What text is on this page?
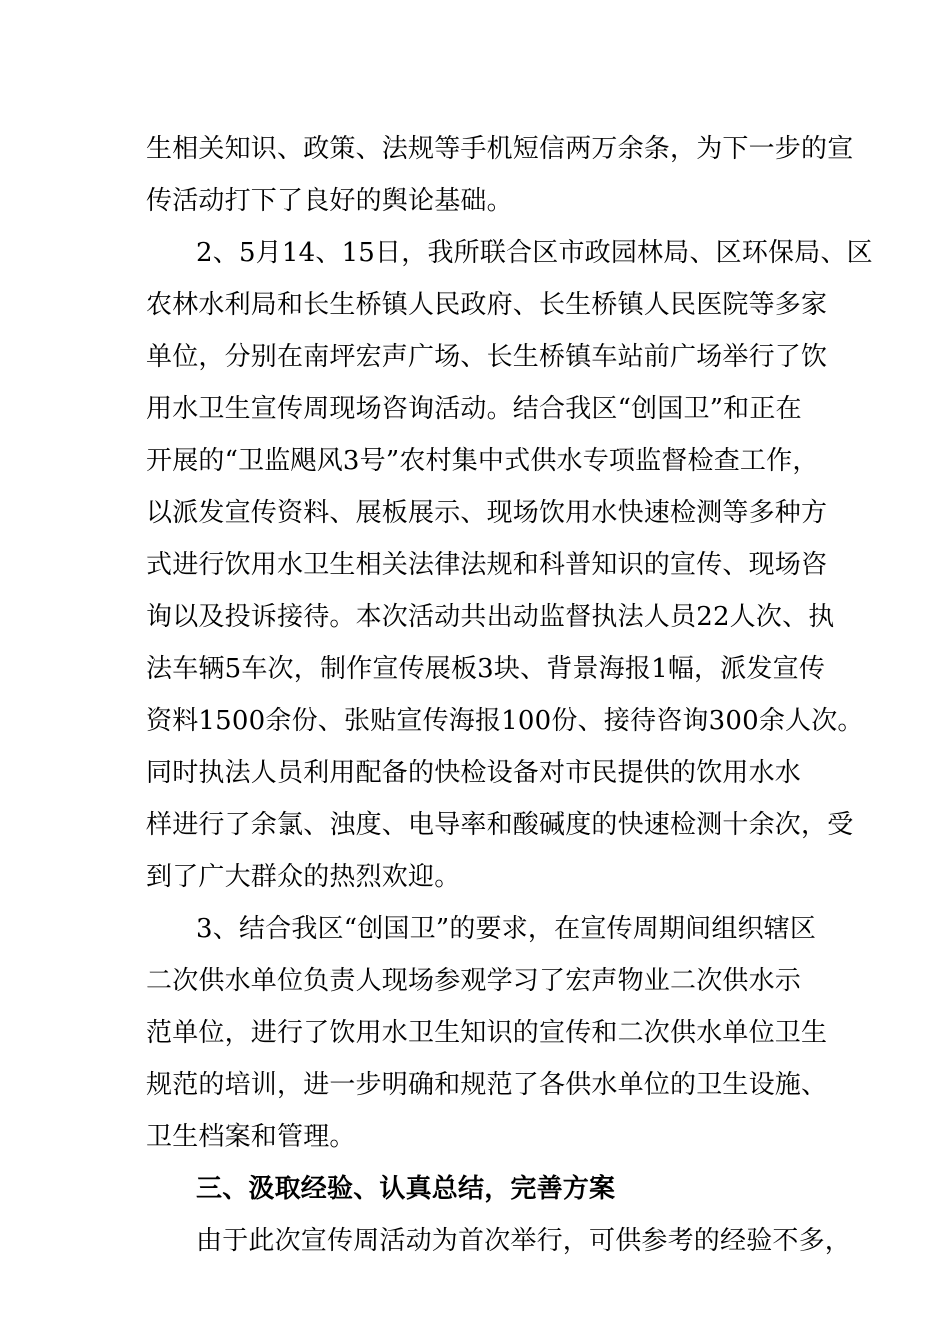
生相关知识、政策、法规等手机短信两万余条，为下一步的宣
传活动打下了良好的舆论基础。
2、5月14、15日，我所联合区市政园林局、区环保局、区
农林水利局和长生桥镇人民政府、长生桥镇人民医院等多家
单位，分别在南坪宏声广场、长生桥镇车站前广场举行了饮
用水卫生宣传周现场咨询活动。结合我区“创国卫”和正在
开展的“卫监飓风3号”农村集中式供水专项监督检查工作，
以派发宣传资料、展板展示、现场饮用水快速检测等多种方
式进行饮用水卫生相关法律法规和科普知识的宣传、现场咨
询以及投诉接待。本次活动共出动监督执法人员22人次、执
法车辆5车次，制作宣传展板3块、背景海报1幅，派发宣传
资料1500余份、张贴宣传海报100份、接待咨询300余人次。
同时执法人员利用配备的快检设备对市民提供的饮用水水
样进行了余氯、浊度、电导率和酸碱度的快速检测十余次，受
到了广大群众的热烈欢迎。
3、结合我区“创国卫”的要求，在宣传周期间组织辖区
二次供水单位负责人现场参观学习了宏声物业二次供水示
范单位，进行了饮用水卫生知识的宣传和二次供水单位卫生
规范的培训，进一步明确和规范了各供水单位的卫生设施、
卫生档案和管理。
三、汲取经验、认真总结，完善方案
由于此次宣传周活动为首次举行，可供参考的经验不多，
